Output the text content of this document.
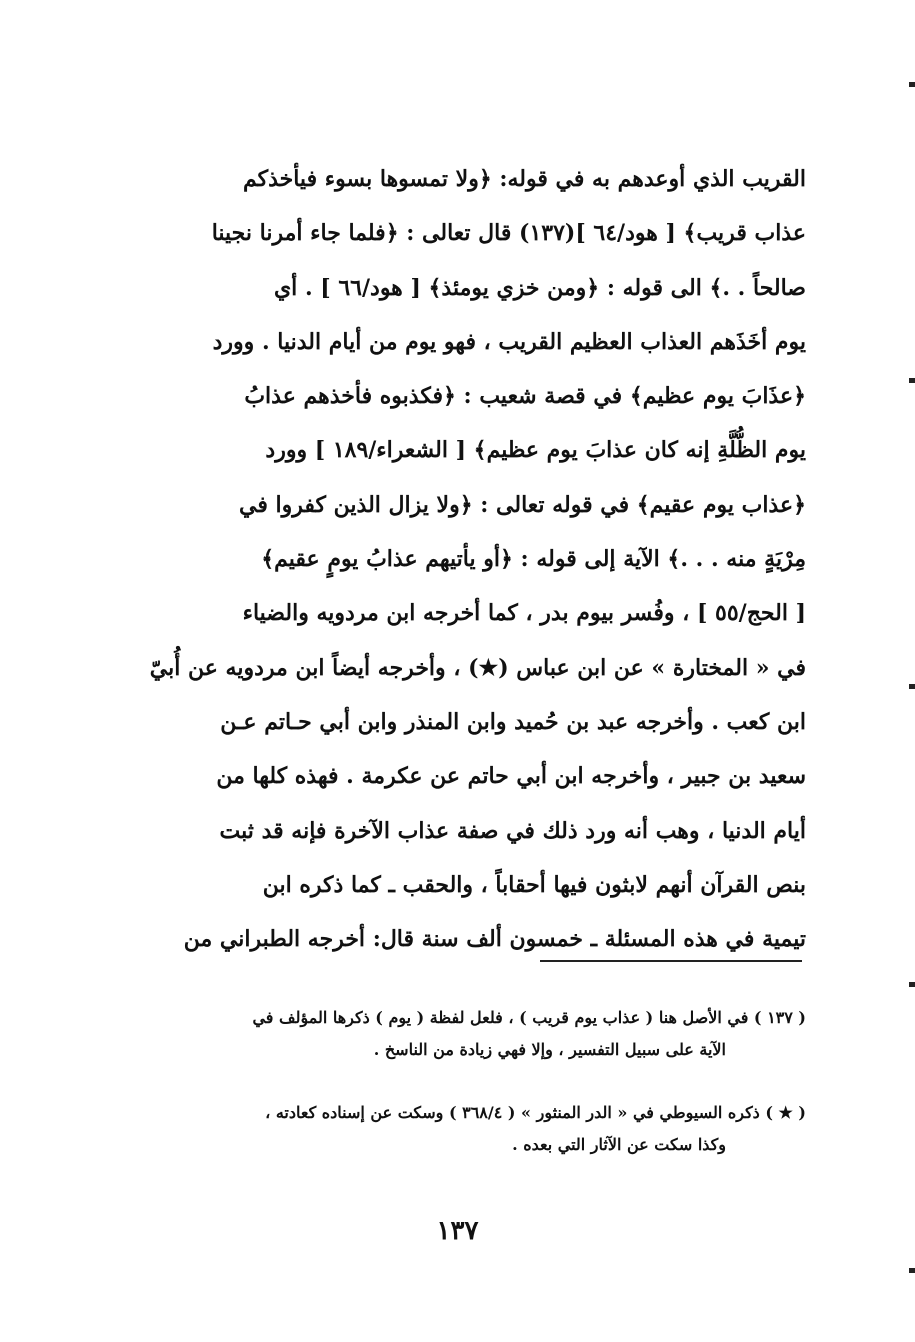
القريب الذي أوعدهم به في قوله: ﴿ولا تمسوها بسوء فيأخذكم
عذاب قريب﴾ [ هود/٦٤ ](١٣٧) قال تعالى : ﴿فلما جاء أمرنا نجينا
صالحاً . .﴾ الى قوله : ﴿ومن خزي يومئذ﴾ [ هود/٦٦ ] . أي
يوم أخَذَهم العذاب العظيم القريب ، فهو يوم من أيام الدنيا . وورد
﴿عذَابَ يوم عظيم﴾ في قصة شعيب : ﴿فكذبوه فأخذهم عذابُ
يوم الظُّلَّةِ إنه كان عذابَ يوم عظيم﴾ [ الشعراء/١٨٩ ] وورد
﴿عذاب يوم عقيم﴾ في قوله تعالى : ﴿ولا يزال الذين كفروا في
مِرْيَةٍ منه . . .﴾ الآية إلى قوله : ﴿أو يأتيهم عذابُ يومٍ عقيم﴾
[ الحج/٥٥ ] ، وفُسر بيوم بدر ، كما أخرجه ابن مردويه والضياء
في « المختارة » عن ابن عباس (★) ، وأخرجه أيضاً ابن مردويه عن أُبيّ
ابن كعب . وأخرجه عبد بن حُميد وابن المنذر وابن أبي حـاتم عـن
سعيد بن جبير ، وأخرجه ابن أبي حاتم عن عكرمة . فهذه كلها من
أيام الدنيا ، وهب أنه ورد ذلك في صفة عذاب الآخرة فإنه قد ثبت
بنص القرآن أنهم لابثون فيها أحقاباً ، والحقب ـ كما ذكره ابن
تيمية في هذه المسئلة ـ خمسون ألف سنة قال: أخرجه الطبراني من
( ١٣٧ ) في الأصل هنا ( عذاب يوم قريب ) ، فلعل لفظة ( يوم ) ذكرها المؤلف في
الآية على سبيل التفسير ، وإلا فهي زيادة من الناسخ .
( ★ ) ذكره السيوطي في « الدر المنثور » ( ٣٦٨/٤ ) وسكت عن إسناده كعادته ،
وكذا سكت عن الآثار التي بعده .
١٣٧
